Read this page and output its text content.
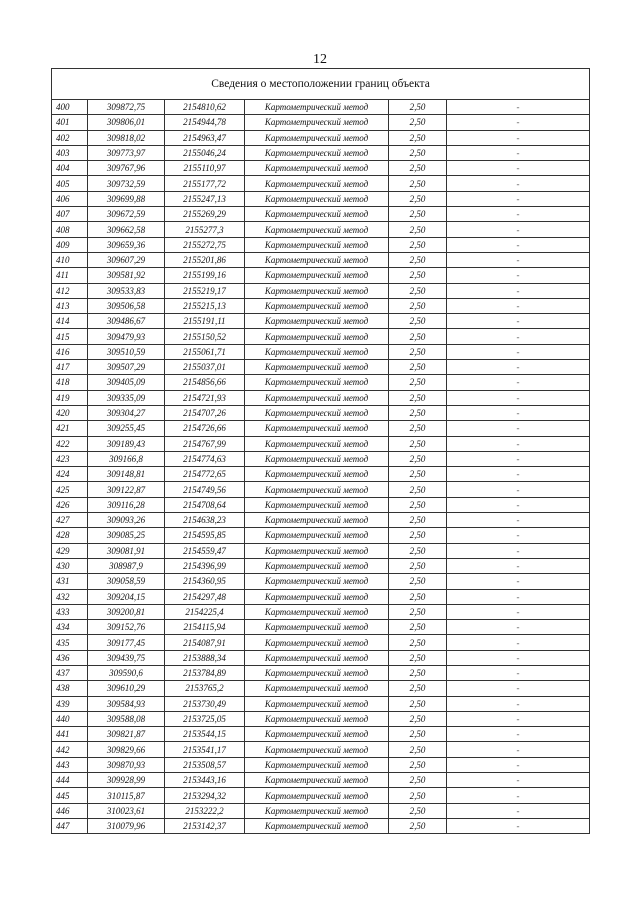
12
Сведения о местоположении границ объекта					
400	309872,75	2154810,62	Картометрический метод	2,50	-
401	309806,01	2154944,78	Картометрический метод	2,50	-
402	309818,02	2154963,47	Картометрический метод	2,50	-
403	309773,97	2155046,24	Картометрический метод	2,50	-
404	309767,96	2155110,97	Картометрический метод	2,50	-
405	309732,59	2155177,72	Картометрический метод	2,50	-
406	309699,88	2155247,13	Картометрический метод	2,50	-
407	309672,59	2155269,29	Картометрический метод	2,50	-
408	309662,58	2155277,3	Картометрический метод	2,50	-
409	309659,36	2155272,75	Картометрический метод	2,50	-
410	309607,29	2155201,86	Картометрический метод	2,50	-
411	309581,92	2155199,16	Картометрический метод	2,50	-
412	309533,83	2155219,17	Картометрический метод	2,50	-
413	309506,58	2155215,13	Картометрический метод	2,50	-
414	309486,67	2155191,11	Картометрический метод	2,50	-
415	309479,93	2155150,52	Картометрический метод	2,50	-
416	309510,59	2155061,71	Картометрический метод	2,50	-
417	309507,29	2155037,01	Картометрический метод	2,50	-
418	309405,09	2154856,66	Картометрический метод	2,50	-
419	309335,09	2154721,93	Картометрический метод	2,50	-
420	309304,27	2154707,26	Картометрический метод	2,50	-
421	309255,45	2154726,66	Картометрический метод	2,50	-
422	309189,43	2154767,99	Картометрический метод	2,50	-
423	309166,8	2154774,63	Картометрический метод	2,50	-
424	309148,81	2154772,65	Картометрический метод	2,50	-
425	309122,87	2154749,56	Картометрический метод	2,50	-
426	309116,28	2154708,64	Картометрический метод	2,50	-
427	309093,26	2154638,23	Картометрический метод	2,50	-
428	309085,25	2154595,85	Картометрический метод	2,50	-
429	309081,91	2154559,47	Картометрический метод	2,50	-
430	308987,9	2154396,99	Картометрический метод	2,50	-
431	309058,59	2154360,95	Картометрический метод	2,50	-
432	309204,15	2154297,48	Картометрический метод	2,50	-
433	309200,81	2154225,4	Картометрический метод	2,50	-
434	309152,76	2154115,94	Картометрический метод	2,50	-
435	309177,45	2154087,91	Картометрический метод	2,50	-
436	309439,75	2153888,34	Картометрический метод	2,50	-
437	309590,6	2153784,89	Картометрический метод	2,50	-
438	309610,29	2153765,2	Картометрический метод	2,50	-
439	309584,93	2153730,49	Картометрический метод	2,50	-
440	309588,08	2153725,05	Картометрический метод	2,50	-
441	309821,87	2153544,15	Картометрический метод	2,50	-
442	309829,66	2153541,17	Картометрический метод	2,50	-
443	309870,93	2153508,57	Картометрический метод	2,50	-
444	309928,99	2153443,16	Картометрический метод	2,50	-
445	310115,87	2153294,32	Картометрический метод	2,50	-
446	310023,61	2153222,2	Картометрический метод	2,50	-
447	310079,96	2153142,37	Картометрический метод	2,50	-
